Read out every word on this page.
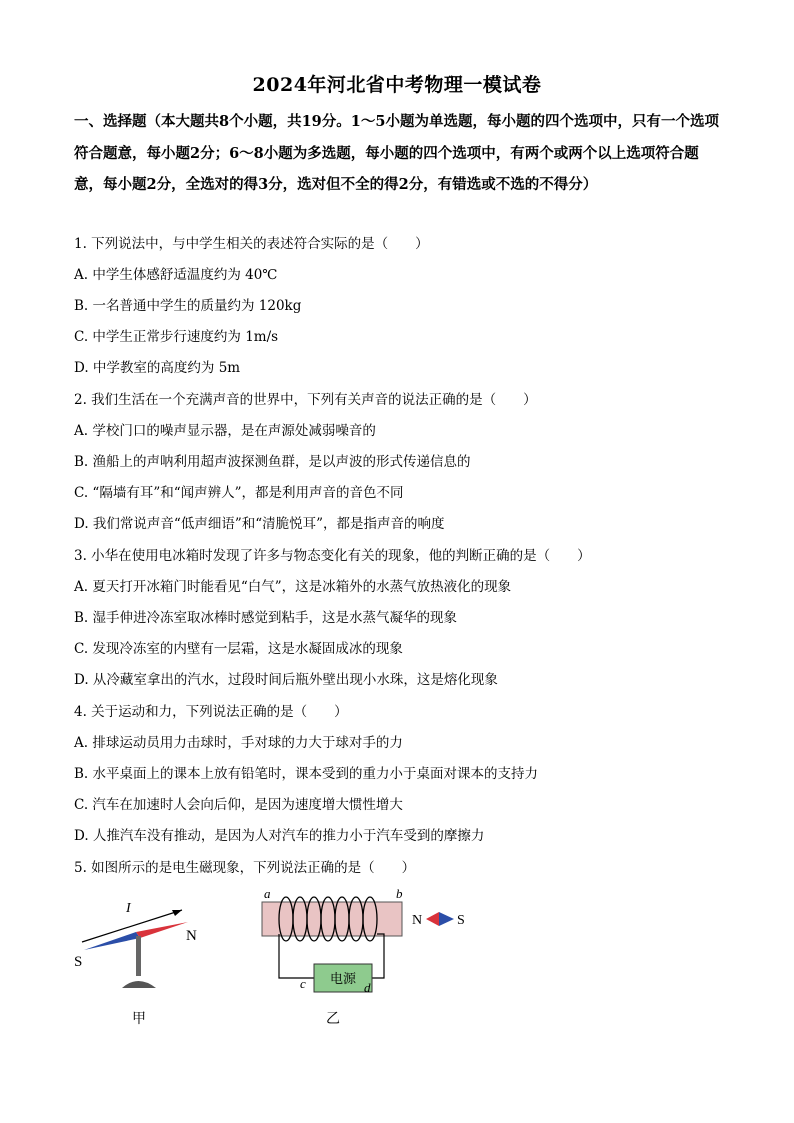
2024年河北省中考物理一模试卷
一、选择题（本大题共8个小题，共19分。1～5小题为单选题，每小题的四个选项中，只有一个选项符合题意，每小题2分；6～8小题为多选题，每小题的四个选项中，有两个或两个以上选项符合题意，每小题2分，全选对的得3分，选对但不全的得2分，有错选或不选的不得分）
1. 下列说法中，与中学生相关的表述符合实际的是（　　）
A. 中学生体感舒适温度约为 40℃
B. 一名普通中学生的质量约为 120kg
C. 中学生正常步行速度约为 1m/s
D. 中学教室的高度约为 5m
2. 我们生活在一个充满声音的世界中，下列有关声音的说法正确的是（　　）
A. 学校门口的噪声显示器，是在声源处减弱噪音的
B. 渔船上的声呐利用超声波探测鱼群，是以声波的形式传递信息的
C. “隔墙有耳”和“闻声辨人”，都是利用声音的音色不同
D. 我们常说声音“低声细语”和“清脆悦耳”，都是指声音的响度
3. 小华在使用电冰箱时发现了许多与物态变化有关的现象，他的判断正确的是（　　）
A. 夏天打开冰箱门时能看见“白气”，这是冰箱外的水蒸气放热液化的现象
B. 湿手伸进冷冻室取冰棒时感觉到粘手，这是水蒸气凝华的现象
C. 发现冷冻室的内壁有一层霜，这是水凝固成冰的现象
D. 从冷藏室拿出的汽水，过段时间后瓶外壁出现小水珠，这是熔化现象
4. 关于运动和力，下列说法正确的是（　　）
A. 排球运动员用力击球时，手对球的力大于球对手的力
B. 水平桌面上的课本上放有铅笔时，课本受到的重力小于桌面对课本的支持力
C. 汽车在加速时人会向后仰，是因为速度增大惯性增大
D. 人推汽车没有推动，是因为人对汽车的推力小于汽车受到的摩擦力
5. 如图所示的是电生磁现象，下列说法正确的是（　　）
I
S
N
甲
电源
a	b
c	d
N S
乙
